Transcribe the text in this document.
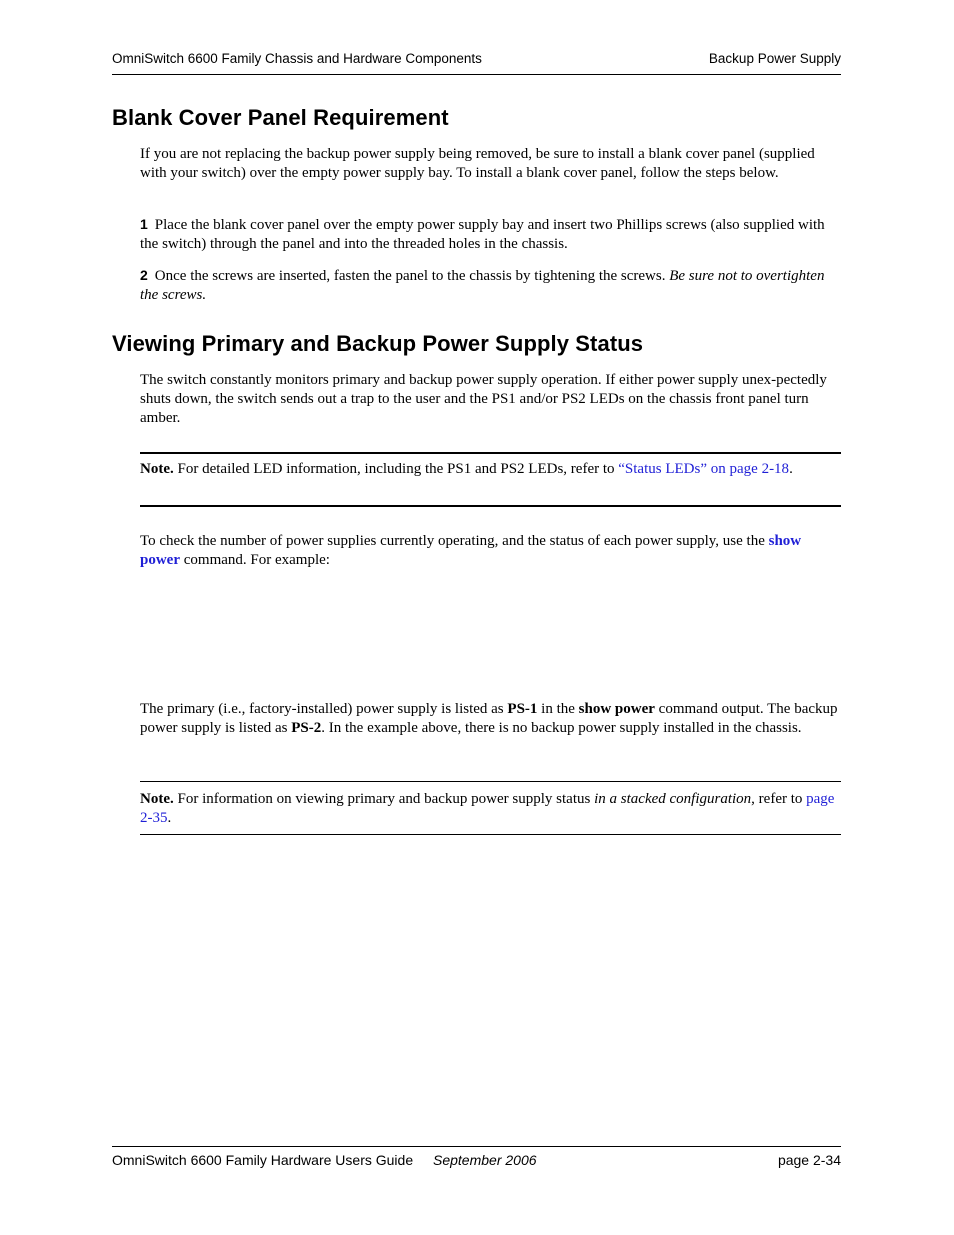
OmniSwitch 6600 Family Chassis and Hardware Components	Backup Power Supply
Blank Cover Panel Requirement
If you are not replacing the backup power supply being removed, be sure to install a blank cover panel (supplied with your switch) over the empty power supply bay. To install a blank cover panel, follow the steps below.
1 Place the blank cover panel over the empty power supply bay and insert two Phillips screws (also supplied with the switch) through the panel and into the threaded holes in the chassis.
2 Once the screws are inserted, fasten the panel to the chassis by tightening the screws. Be sure not to overtighten the screws.
Viewing Primary and Backup Power Supply Status
The switch constantly monitors primary and backup power supply operation. If either power supply unex-pectedly shuts down, the switch sends out a trap to the user and the PS1 and/or PS2 LEDs on the chassis front panel turn amber.
Note. For detailed LED information, including the PS1 and PS2 LEDs, refer to “Status LEDs” on page 2-18.
To check the number of power supplies currently operating, and the status of each power supply, use the show power command. For example:
The primary (i.e., factory-installed) power supply is listed as PS-1 in the show power command output. The backup power supply is listed as PS-2. In the example above, there is no backup power supply installed in the chassis.
Note. For information on viewing primary and backup power supply status in a stacked configuration, refer to page 2-35.
OmniSwitch 6600 Family Hardware Users Guide September 2006	page 2-34
